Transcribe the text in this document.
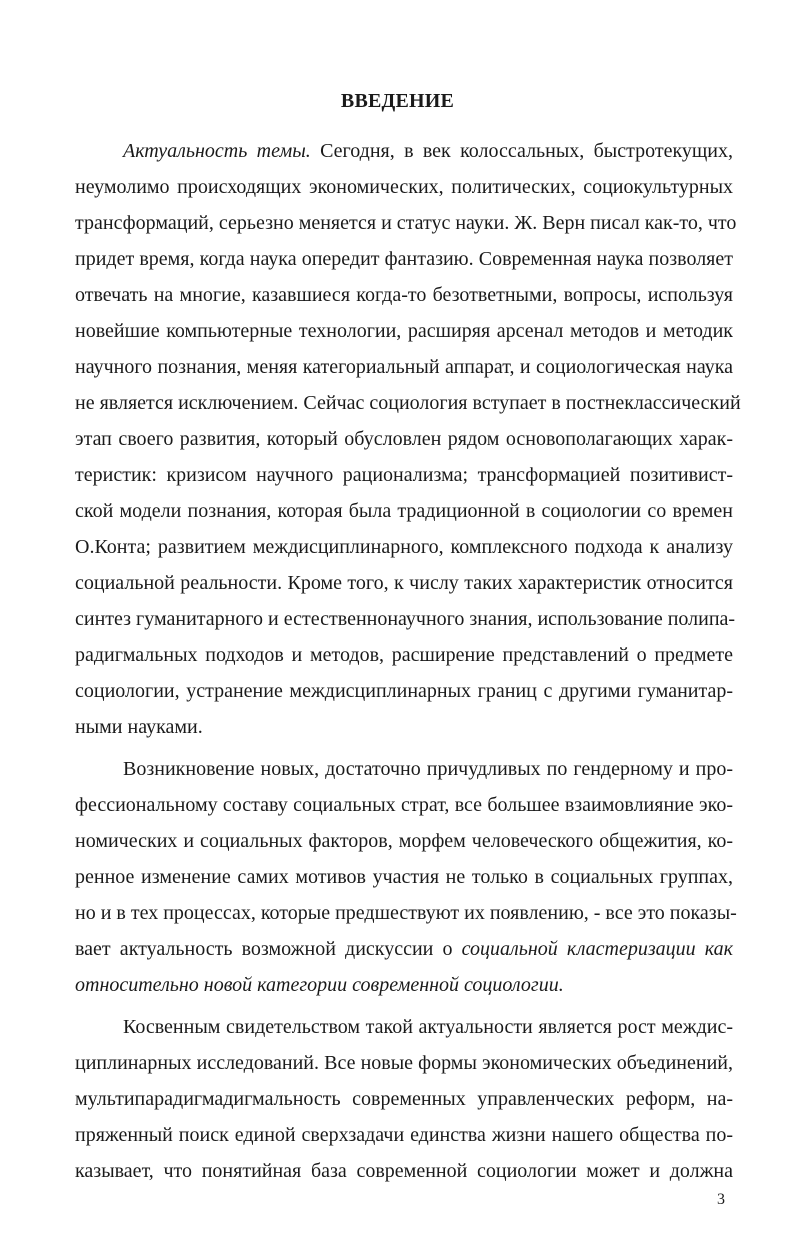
ВВЕДЕНИЕ
Актуальность темы. Сегодня, в век колоссальных, быстротекущих,
неумолимо происходящих экономических, политических, социокультурных
трансформаций, серьезно меняется и статус науки. Ж. Верн писал как-то, что
придет время, когда наука опередит фантазию. Современная наука позволяет
отвечать на многие, казавшиеся когда-то безответными, вопросы, используя
новейшие компьютерные технологии, расширяя арсенал методов и методик
научного познания, меняя категориальный аппарат, и социологическая наука
не является исключением. Сейчас социология вступает в постнеклассический
этап своего развития, который обусловлен рядом основополагающих харак-
теристик: кризисом научного рационализма; трансформацией позитивист-
ской модели познания, которая была традиционной в социологии со времен
О.Конта; развитием междисциплинарного, комплексного подхода к анализу
социальной реальности. Кроме того, к числу таких характеристик относится
синтез гуманитарного и естественнонаучного знания, использование полипа-
радигмальных подходов и методов, расширение представлений о предмете
социологии, устранение междисциплинарных границ с другими гуманитар-
ными науками.
Возникновение новых, достаточно причудливых по гендерному и про-
фессиональному составу социальных страт, все большее взаимовлияние эко-
номических и социальных факторов, морфем человеческого общежития, ко-
ренное изменение самих мотивов участия не только в социальных группах,
но и в тех процессах, которые предшествуют их появлению, - все это показы-
вает актуальность возможной дискуссии о социальной кластеризации как
относительно новой категории современной социологии.
Косвенным свидетельством такой актуальности является рост междис-
циплинарных исследований. Все новые формы экономических объединений,
мультипарадигмадигмальность современных управленческих реформ, на-
пряженный поиск единой сверхзадачи единства жизни нашего общества по-
казывает, что понятийная база современной социологии может и должна
3
